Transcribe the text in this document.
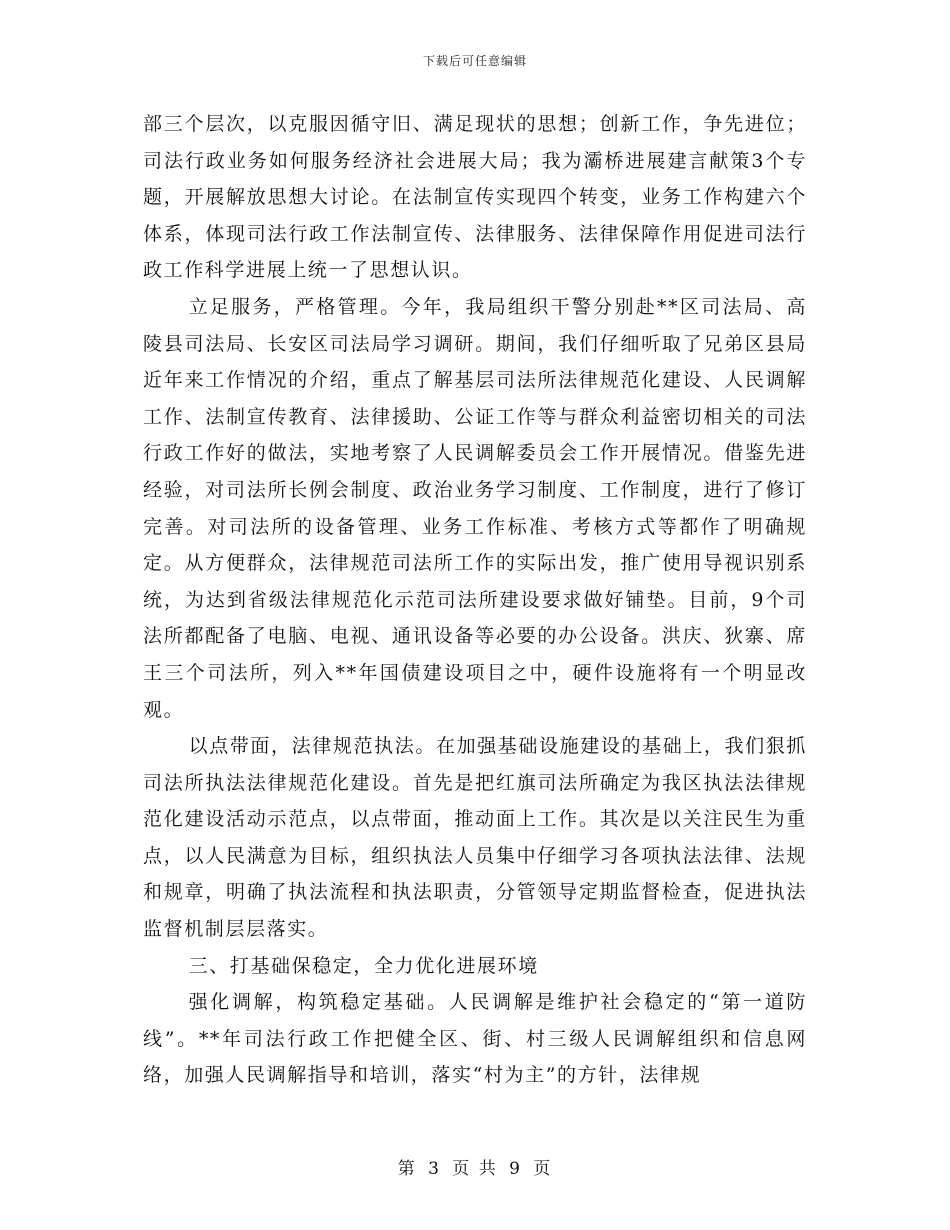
下载后可任意编辑

部三个层次，以克服因循守旧、满足现状的思想；创新工作，争先进位；司法行政业务如何服务经济社会进展大局；我为灞桥进展建言献策3个专题，开展解放思想大讨论。在法制宣传实现四个转变，业务工作构建六个体系，体现司法行政工作法制宣传、法律服务、法律保障作用促进司法行政工作科学进展上统一了思想认识。

立足服务，严格管理。今年，我局组织干警分别赴**区司法局、高陵县司法局、长安区司法局学习调研。期间，我们仔细听取了兄弟区县局近年来工作情况的介绍，重点了解基层司法所法律规范化建设、人民调解工作、法制宣传教育、法律援助、公证工作等与群众利益密切相关的司法行政工作好的做法，实地考察了人民调解委员会工作开展情况。借鉴先进经验，对司法所长例会制度、政治业务学习制度、工作制度，进行了修订完善。对司法所的设备管理、业务工作标准、考核方式等都作了明确规定。从方便群众，法律规范司法所工作的实际出发，推广使用导视识别系统，为达到省级法律规范化示范司法所建设要求做好铺垫。目前，9个司法所都配备了电脑、电视、通讯设备等必要的办公设备。洪庆、狄寨、席王三个司法所，列入**年国债建设项目之中，硬件设施将有一个明显改观。

以点带面，法律规范执法。在加强基础设施建设的基础上，我们狠抓司法所执法法律规范化建设。首先是把红旗司法所确定为我区执法法律规范化建设活动示范点，以点带面，推动面上工作。其次是以关注民生为重点，以人民满意为目标，组织执法人员集中仔细学习各项执法法律、法规和规章，明确了执法流程和执法职责，分管领导定期监督检查，促进执法监督机制层层落实。

三、打基础保稳定，全力优化进展环境

强化调解，构筑稳定基础。人民调解是维护社会稳定的“第一道防线”。**年司法行政工作把健全区、街、村三级人民调解组织和信息网络，加强人民调解指导和培训，落实“村为主”的方针，法律规

第 3 页 共 9 页
